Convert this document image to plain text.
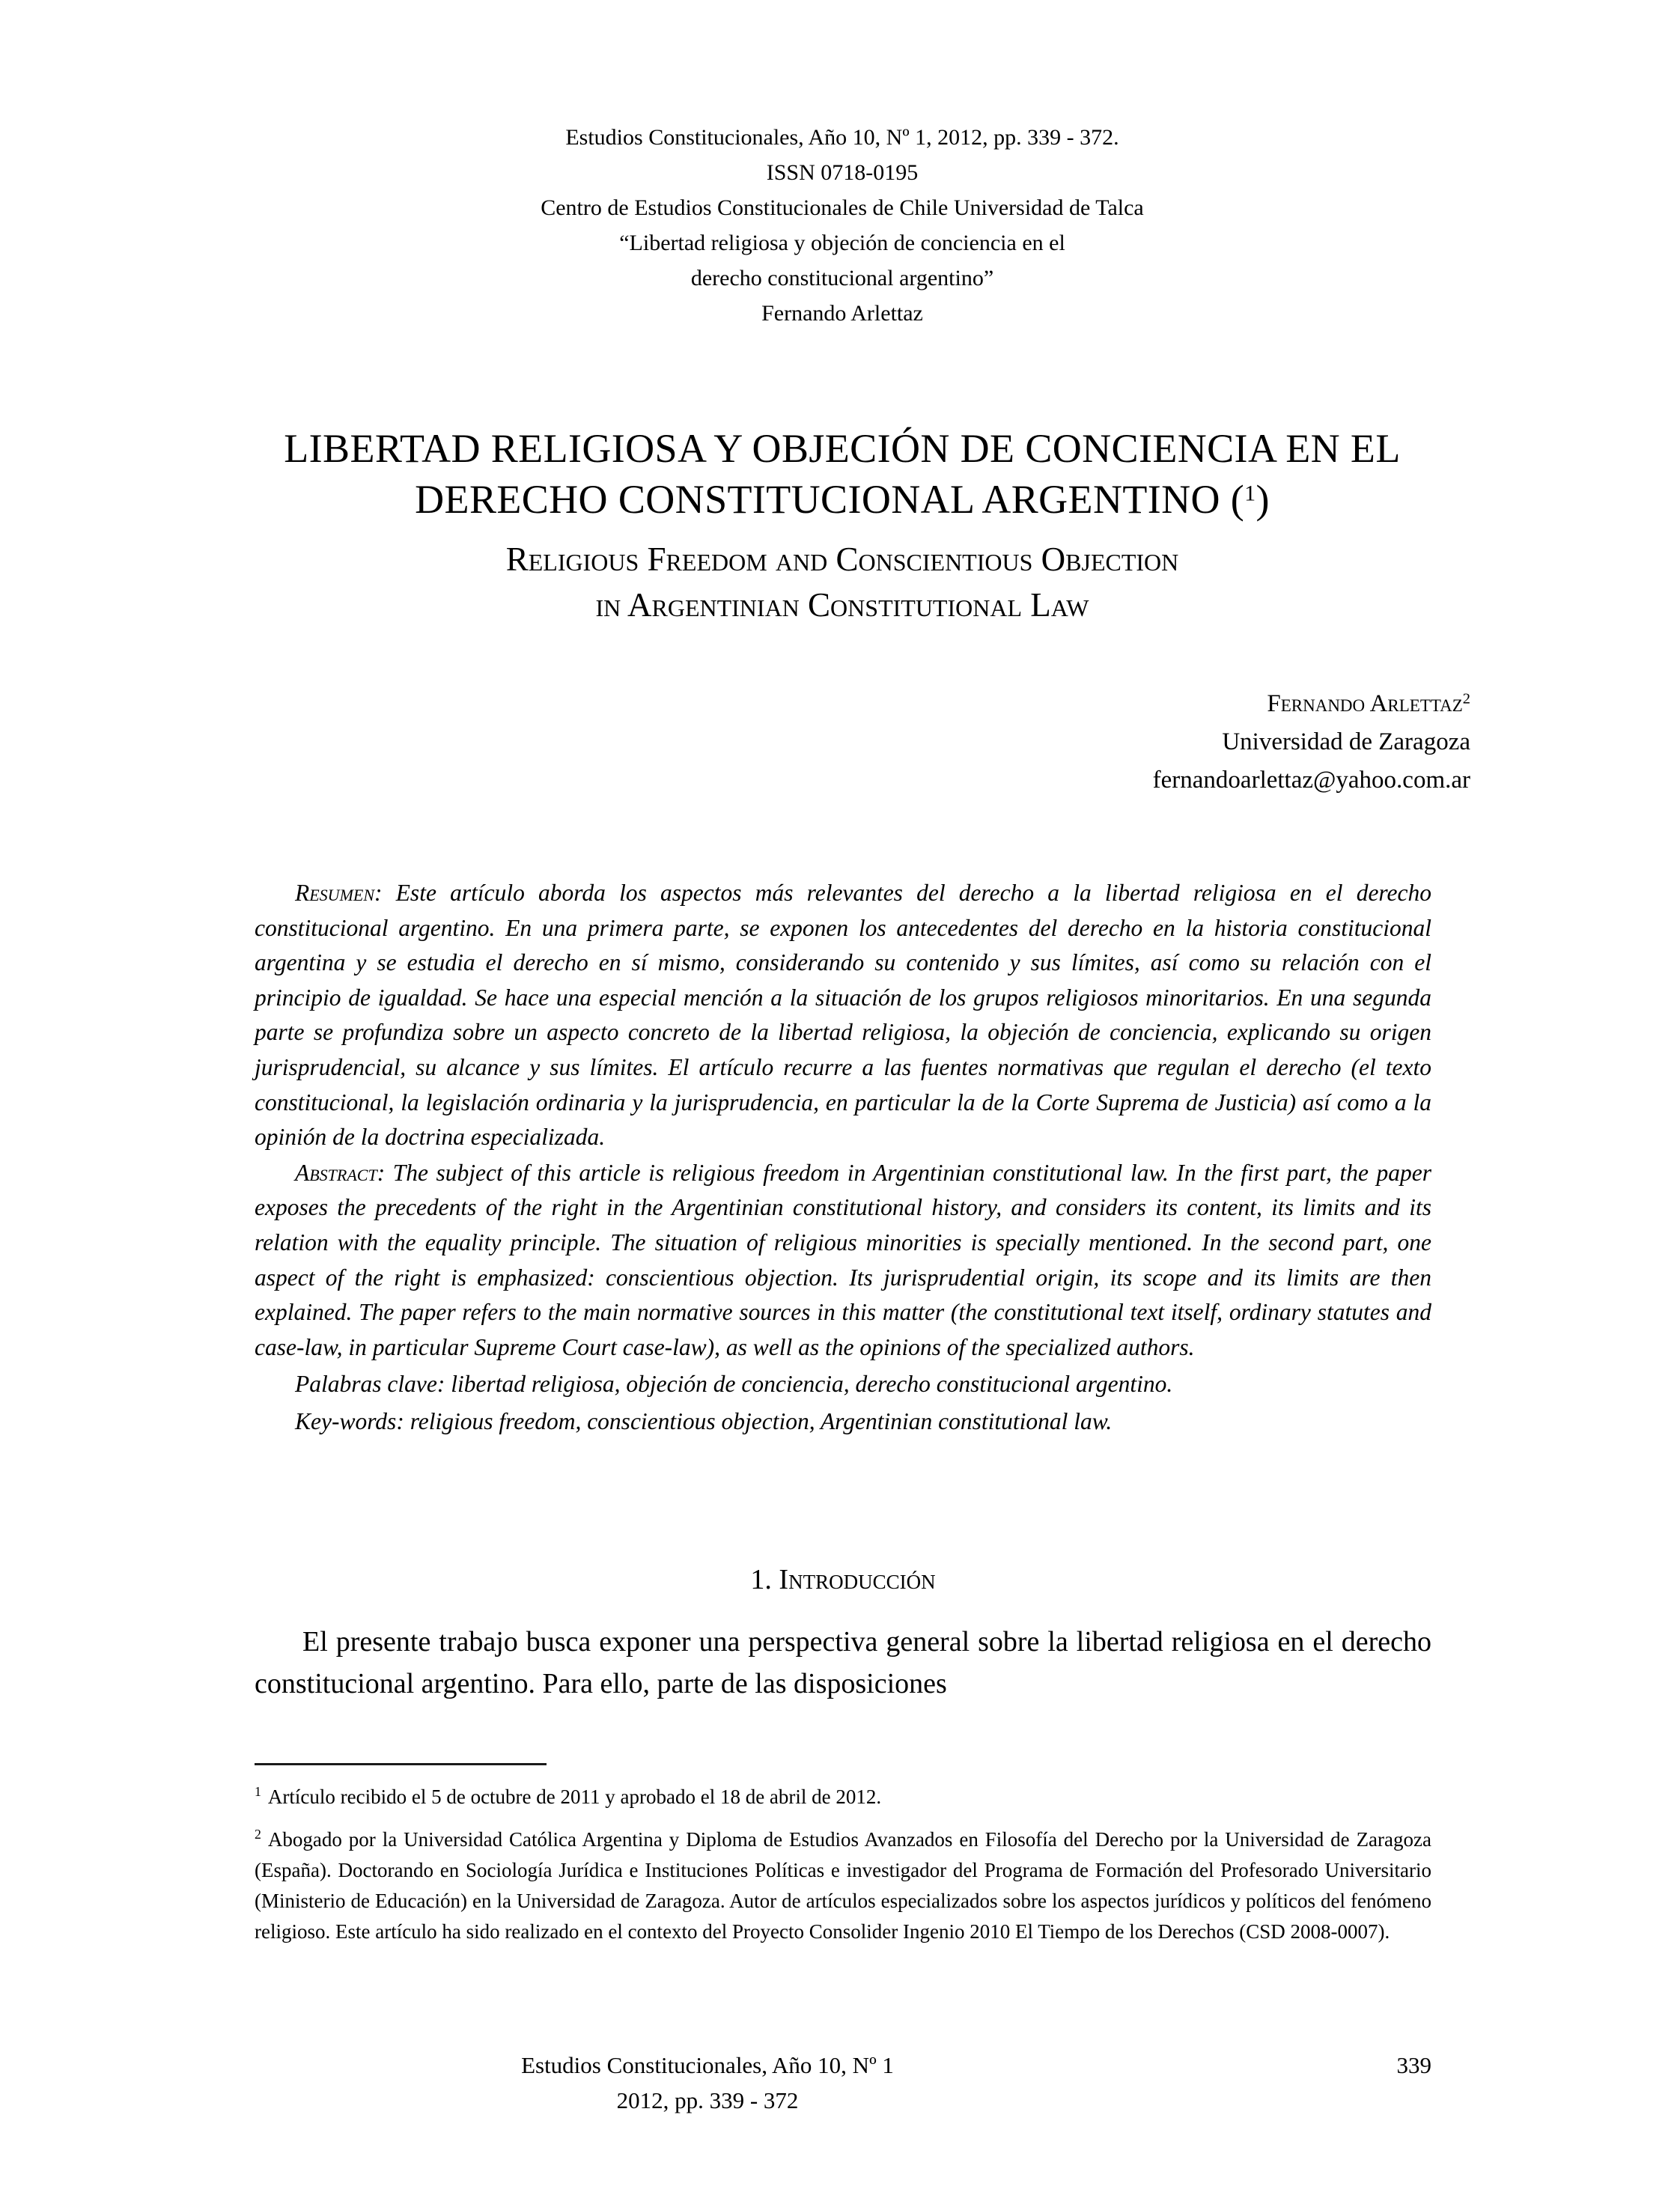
Estudios Constitucionales, Año 10, Nº 1, 2012, pp. 339 - 372.
ISSN 0718-0195
Centro de Estudios Constitucionales de Chile Universidad de Talca
“Libertad religiosa y objeción de conciencia en el
derecho constitucional argentino”
Fernando Arlettaz
LIBERTAD RELIGIOSA Y OBJECIÓN DE CONCIENCIA EN EL
DERECHO CONSTITUCIONAL ARGENTINO ($^1$)
Religious Freedom and Conscientious Objection
in Argentinian Constitutional Law
Fernando Arlettaz$^2$
Universidad de Zaragoza
fernandoarlettaz@yahoo.com.ar

Resumen: Este artículo aborda los aspectos más relevantes del derecho a la libertad religiosa en el derecho constitucional argentino. En una primera parte, se exponen los antecedentes del derecho en la historia constitucional argentina y se estudia el derecho en sí mismo, considerando su contenido y sus límites, así como su relación con el principio de igualdad. Se hace una especial mención a la situación de los grupos religiosos minoritarios. En una segunda parte se profundiza sobre un aspecto concreto de la libertad religiosa, la objeción de conciencia, explicando su origen jurisprudencial, su alcance y sus límites. El artículo recurre a las fuentes normativas que regulan el derecho (el texto constitucional, la legislación ordinaria y la jurisprudencia, en particular la de la Corte Suprema de Justicia) así como a la opinión de la doctrina especializada.

Abstract: The subject of this article is religious freedom in Argentinian constitutional law. In the first part, the paper exposes the precedents of the right in the Argentinian constitutional history, and considers its content, its limits and its relation with the equality principle. The situation of religious minorities is specially mentioned. In the second part, one aspect of the right is emphasized: conscientious objection. Its jurisprudential origin, its scope and its limits are then explained. The paper refers to the main normative sources in this matter (the constitutional text itself, ordinary statutes and case-law, in particular Supreme Court case-law), as well as the opinions of the specialized authors.

Palabras clave: libertad religiosa, objeción de conciencia, derecho constitucional argentino.

Key-words: religious freedom, conscientious objection, Argentinian constitutional law.

1. Introducción

El presente trabajo busca exponer una perspectiva general sobre la libertad religiosa en el derecho constitucional argentino. Para ello, parte de las disposiciones

$^1$ Artículo recibido el 5 de octubre de 2011 y aprobado el 18 de abril de 2012.

$^2$ Abogado por la Universidad Católica Argentina y Diploma de Estudios Avanzados en Filosofía del Derecho por la Universidad de Zaragoza (España). Doctorando en Sociología Jurídica e Instituciones Políticas e investigador del Programa de Formación del Profesorado Universitario (Ministerio de Educación) en la Universidad de Zaragoza. Autor de artículos especializados sobre los aspectos jurídicos y políticos del fenómeno religioso. Este artículo ha sido realizado en el contexto del Proyecto Consolider Ingenio 2010 El Tiempo de los Derechos (CSD 2008-0007).

Estudios Constitucionales, Año 10, Nº 1
2012, pp. 339 - 372
339
